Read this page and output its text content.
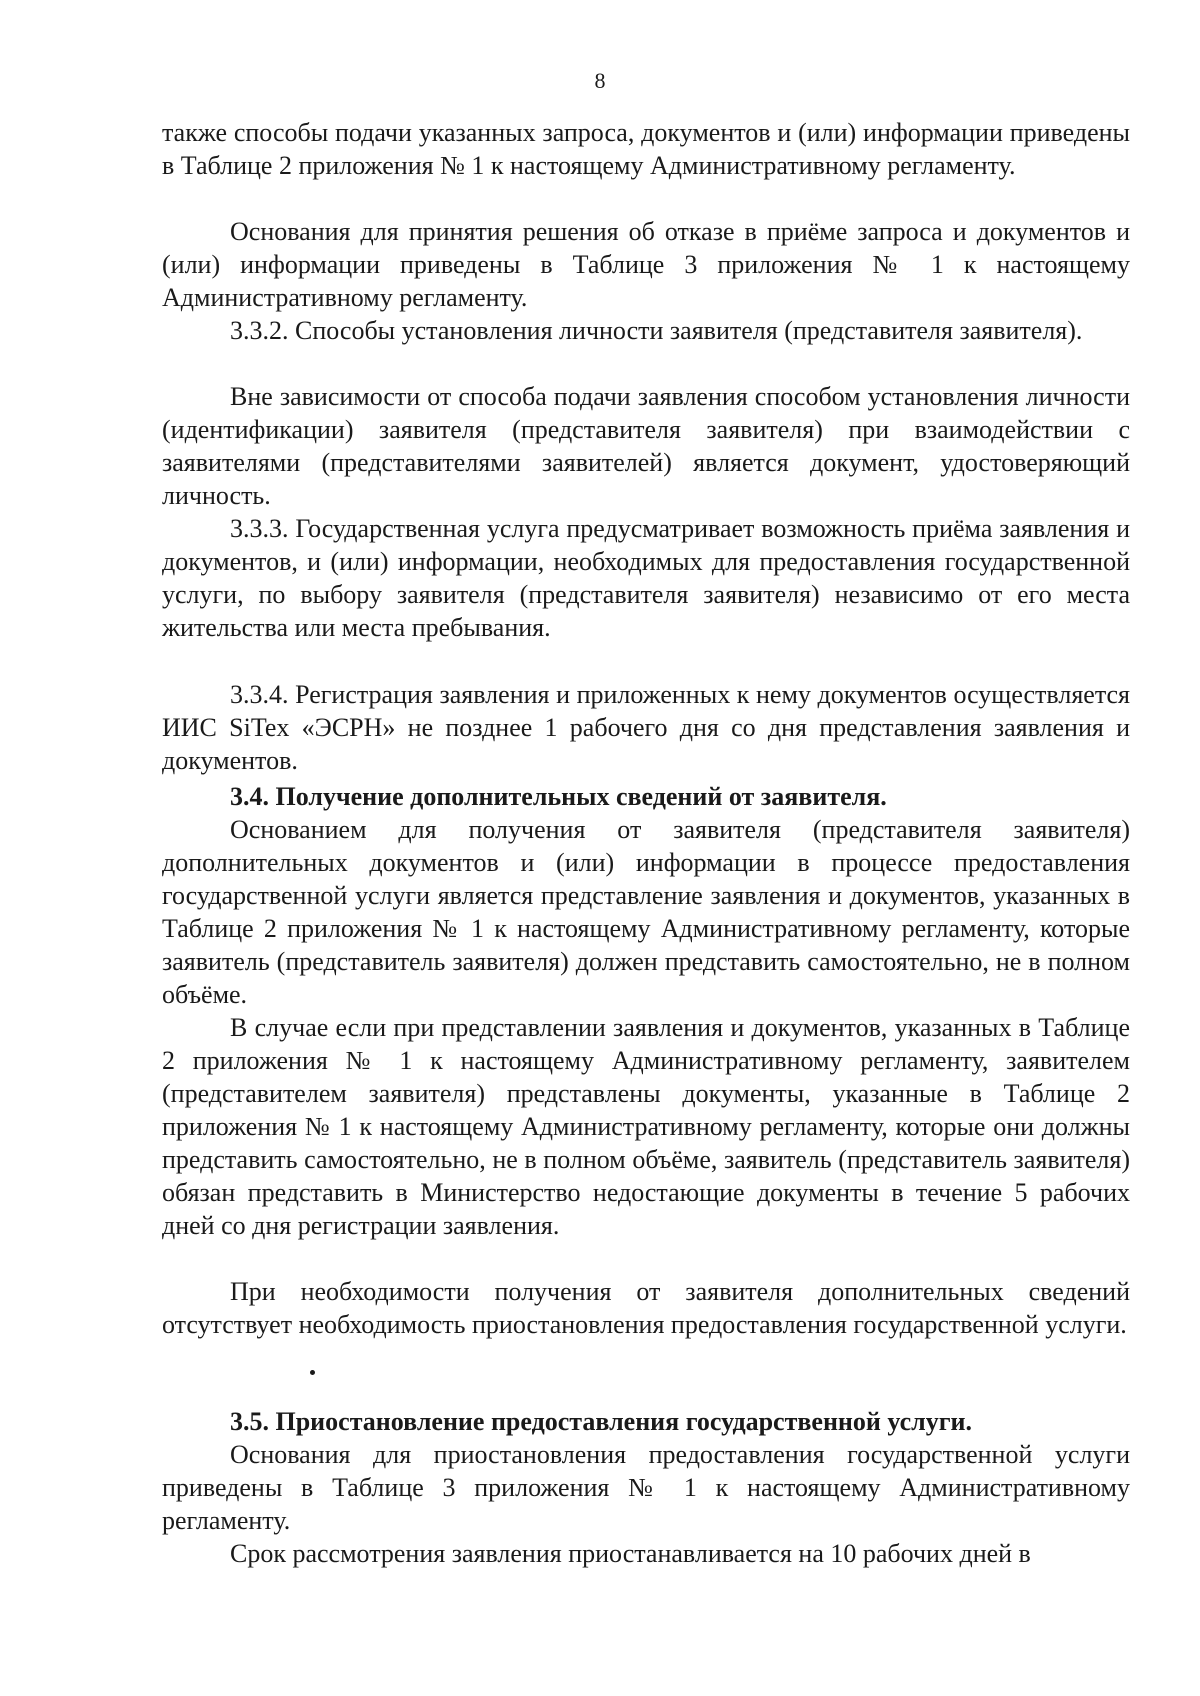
8

также способы подачи указанных запроса, документов и (или) информации приведены в Таблице 2 приложения № 1 к настоящему Административному регламенту.

Основания для принятия решения об отказе в приёме запроса и документов и (или) информации приведены в Таблице 3 приложения № 1 к настоящему Административному регламенту.

3.3.2. Способы установления личности заявителя (представителя заявителя).

Вне зависимости от способа подачи заявления способом установления личности (идентификации) заявителя (представителя заявителя) при взаимодействии с заявителями (представителями заявителей) является документ, удостоверяющий личность.

3.3.3. Государственная услуга предусматривает возможность приёма заявления и документов, и (или) информации, необходимых для предоставления государственной услуги, по выбору заявителя (представителя заявителя) независимо от его места жительства или места пребывания.

3.3.4. Регистрация заявления и приложенных к нему документов осуществляется ИИС SiTex «ЭСРН» не позднее 1 рабочего дня со дня представления заявления и документов.

3.4. Получение дополнительных сведений от заявителя.

Основанием для получения от заявителя (представителя заявителя) дополнительных документов и (или) информации в процессе предоставления государственной услуги является представление заявления и документов, указанных в Таблице 2 приложения № 1 к настоящему Административному регламенту, которые заявитель (представитель заявителя) должен представить самостоятельно, не в полном объёме.

В случае если при представлении заявления и документов, указанных в Таблице 2 приложения № 1 к настоящему Административному регламенту, заявителем (представителем заявителя) представлены документы, указанные в Таблице 2 приложения № 1 к настоящему Административному регламенту, которые они должны представить самостоятельно, не в полном объёме, заявитель (представитель заявителя) обязан представить в Министерство недостающие документы в течение 5 рабочих дней со дня регистрации заявления.

При необходимости получения от заявителя дополнительных сведений отсутствует необходимость приостановления предоставления государственной услуги.

3.5. Приостановление предоставления государственной услуги.

Основания для приостановления предоставления государственной услуги приведены в Таблице 3 приложения № 1 к настоящему Административному регламенту.

Срок рассмотрения заявления приостанавливается на 10 рабочих дней в
